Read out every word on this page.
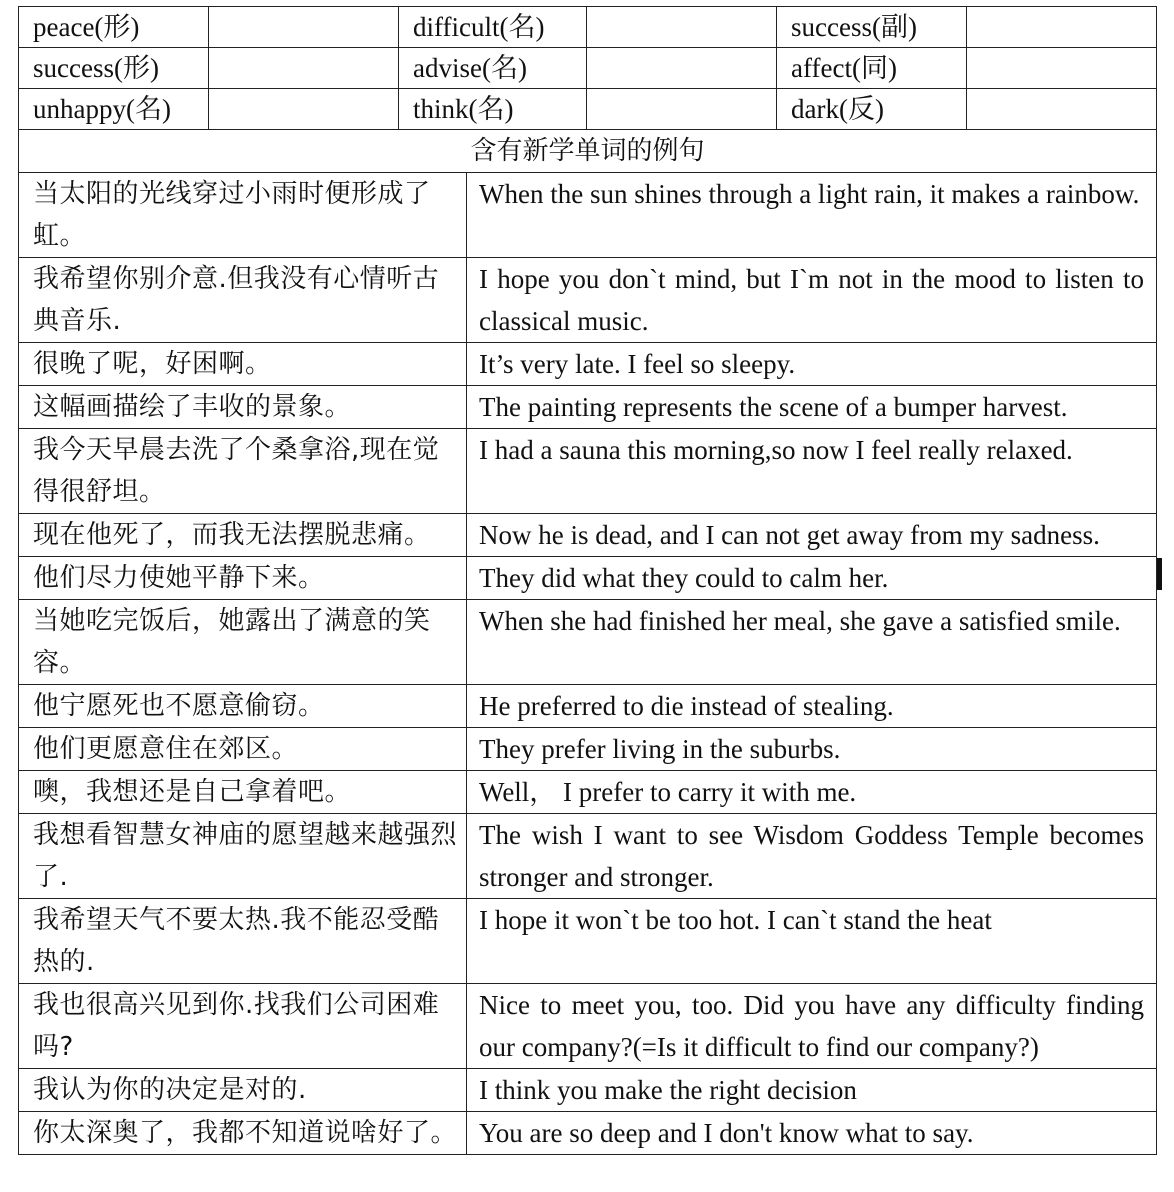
peace(形)		difficult(名)		success(副)	
success(形)		advise(名)		affect(同)	
unhappy(名)		think(名)		dark(反)	
含有新学单词的例句					
当太阳的光线穿过小雨时便形成了虹。	When the sun shines through a light rain, it makes a rainbow.
我希望你别介意.但我没有心情听古典音乐.	I hope you don`t mind, but I`m not in the mood to listen to classical music.
很晚了呢，好困啊。	It’s very late. I feel so sleepy.
这幅画描绘了丰收的景象。	The painting represents the scene of a bumper harvest.
我今天早晨去洗了个桑拿浴,现在觉得很舒坦。	I had a sauna this morning,so now I feel really relaxed.
现在他死了，而我无法摆脱悲痛。	Now he is dead, and I can not get away from my sadness.
他们尽力使她平静下来。	They did what they could to calm her.
当她吃完饭后，她露出了满意的笑容。	When she had finished her meal, she gave a satisfied smile.
他宁愿死也不愿意偷窃。	He preferred to die instead of stealing.
他们更愿意住在郊区。	They prefer living in the suburbs.
噢，我想还是自己拿着吧。	Well， I prefer to carry it with me.
我想看智慧女神庙的愿望越来越强烈了.	The wish I want to see Wisdom Goddess Temple becomes stronger and stronger.
我希望天气不要太热.我不能忍受酷热的.	I hope it won`t be too hot. I can`t stand the heat
我也很高兴见到你.找我们公司困难吗?	Nice to meet you, too. Did you have any difficulty finding our company?(=Is it difficult to find our company?)
我认为你的决定是对的.	I think you make the right decision
你太深奥了，我都不知道说啥好了。	You are so deep and I don't know what to say.
